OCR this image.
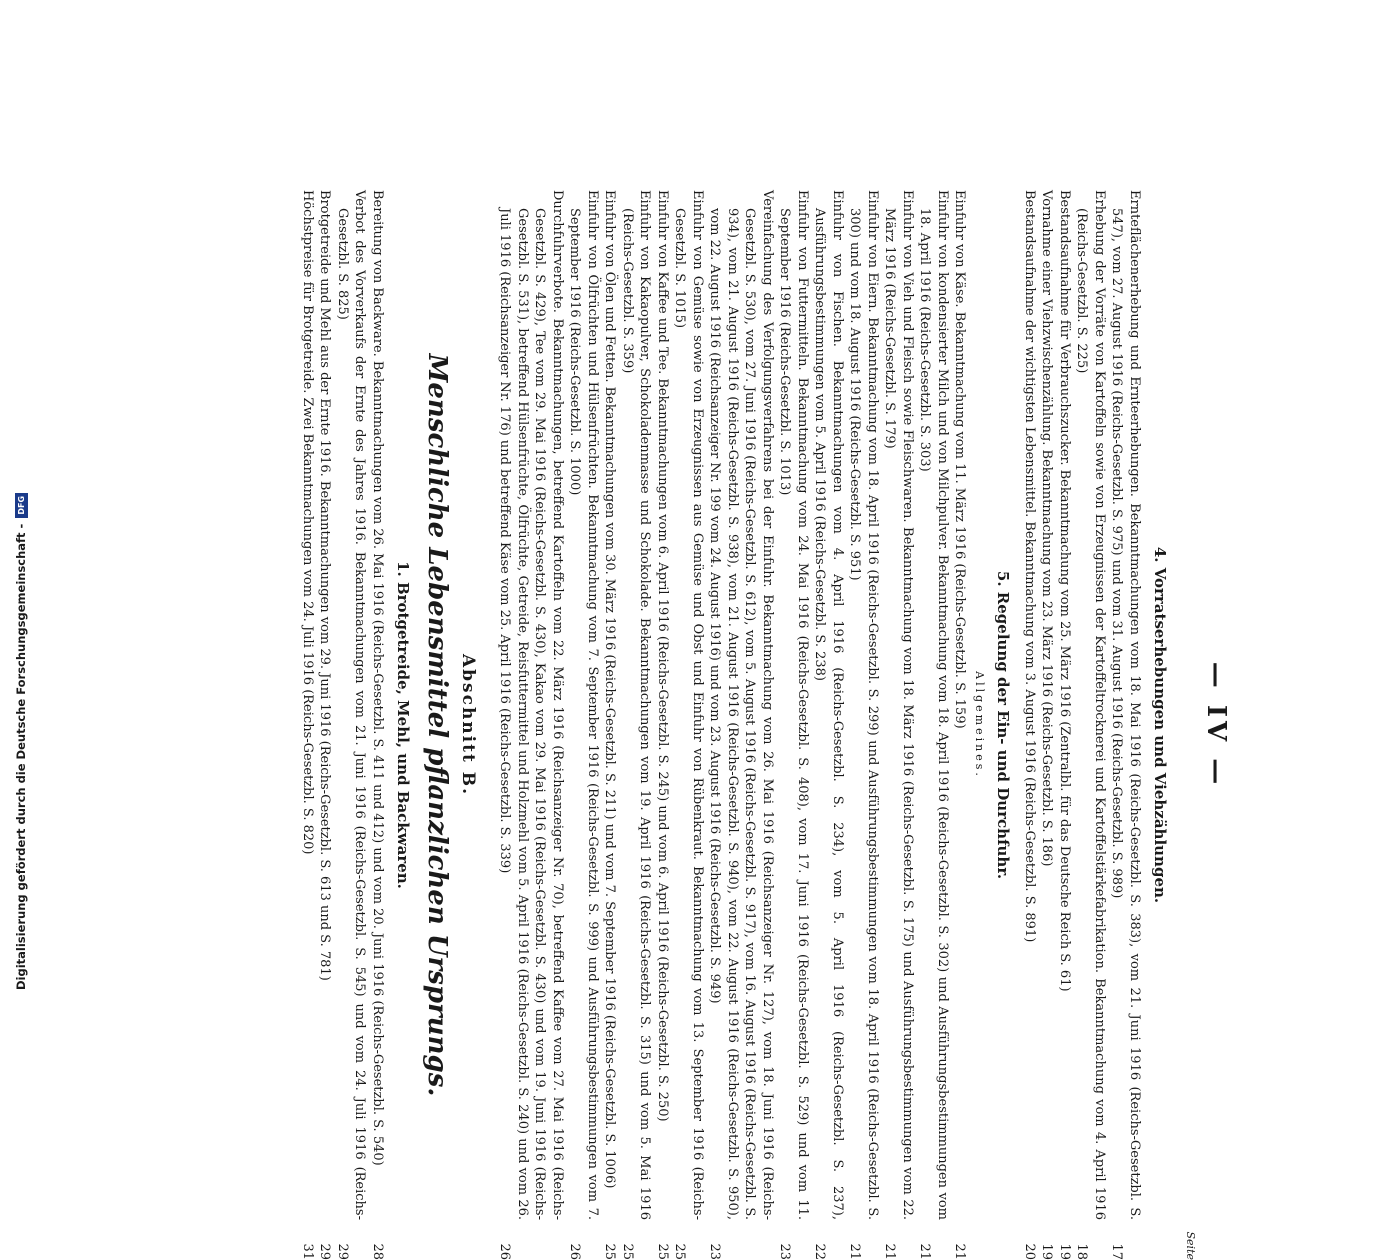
— IV —
Seite
4. Vorratserhebungen und Viehzählungen.
Ernteflächenerhebung und Ernteerhebungen. Bekanntmachungen vom 18. Mai 1916 (Reichs-Gesetzbl. S. 383), vom 21. Juni 1916 (Reichs-Gesetzbl. S. 547), vom 27. August 1916 (Reichs-Gesetzbl. S. 975) und vom 31. August 1916 (Reichs-Gesetzbl. S. 989)
17
Erhebung der Vorräte von Kartoffeln sowie von Erzeugnissen der Kartoffeltrocknerei und Kartoffelstärkefabrikation. Bekanntmachung vom 4. April 1916 (Reichs-Gesetzbl. S. 225)
18
Bestandsaufnahme für Verbrauchszucker. Bekanntmachung vom 25. März 1916 (Zentralbl. für das Deutsche Reich S. 61)
19
Vornahme einer Viehzwischenzählung. Bekanntmachung vom 23. März 1916 (Reichs-Gesetzbl. S. 186)
19
Bestandsaufnahme der wichtigsten Lebensmittel. Bekanntmachung vom 3. August 1916 (Reichs-Gesetzbl. S. 891)
20
5. Regelung der Ein- und Durchfuhr.
Allgemeines.
Einfuhr von Käse. Bekanntmachung vom 11. März 1916 (Reichs-Gesetzbl. S. 159)
21
Einfuhr von kondensierter Milch und von Milchpulver. Bekanntmachung vom 18. April 1916 (Reichs-Gesetzbl. S. 302) und Ausführungsbestimmungen vom 18. April 1916 (Reichs-Gesetzbl. S. 303)
21
Einfuhr von Vieh und Fleisch sowie Fleischwaren. Bekanntmachung vom 18. März 1916 (Reichs-Gesetzbl. S. 175) und Ausführungsbestimmungen vom 22. März 1916 (Reichs-Gesetzbl. S. 179)
21
Einfuhr von Eiern. Bekanntmachung vom 18. April 1916 (Reichs-Gesetzbl. S. 299) und Ausführungsbestimmungen vom 18. April 1916 (Reichs-Gesetzbl. S. 300) und vom 18. August 1916 (Reichs-Gesetzbl. S. 951)
21
Einfuhr von Fischen. Bekanntmachungen vom 4. April 1916 (Reichs-Gesetzbl. S. 234), vom 5. April 1916 (Reichs-Gesetzbl. S. 237), Ausführungsbestimmungen vom 5. April 1916 (Reichs-Gesetzbl. S. 238)
22
Einfuhr von Futtermitteln. Bekanntmachung vom 24. Mai 1916 (Reichs-Gesetzbl. S. 408), vom 17. Juni 1916 (Reichs-Gesetzbl. S. 529) und vom 11. September 1916 (Reichs-Gesetzbl. S. 1013)
23
Vereinfachung des Verfolgungsverfahrens bei der Einfuhr. Bekanntmachung vom 26. Mai 1916 (Reichsanzeiger Nr. 127), vom 18. Juni 1916 (Reichs-Gesetzbl. S. 530), vom 27. Juni 1916 (Reichs-Gesetzbl. S. 612), vom 5. August 1916 (Reichs-Gesetzbl. S. 917), vom 16. August 1916 (Reichs-Gesetzbl. S. 934), vom 21. August 1916 (Reichs-Gesetzbl. S. 938), vom 21. August 1916 (Reichs-Gesetzbl. S. 940), vom 22. August 1916 (Reichs-Gesetzbl. S. 950), vom 22. August 1916 (Reichsanzeiger Nr. 199 vom 24. August 1916) und vom 23. August 1916 (Reichs-Gesetzbl. S. 949)
23
Einfuhr von Gemüse sowie von Erzeugnissen aus Gemüse und Obst und Einfuhr von Rübenkraut. Bekanntmachung vom 13. September 1916 (Reichs-Gesetzbl. S. 1015)
25
Einfuhr von Kaffee und Tee. Bekanntmachungen vom 6. April 1916 (Reichs-Gesetzbl. S. 245) und vom 6. April 1916 (Reichs-Gesetzbl. S. 250)
25
Einfuhr von Kakaopulver, Schokoladenmasse und Schokolade. Bekanntmachungen vom 19. April 1916 (Reichs-Gesetzbl. S. 315) und vom 5. Mai 1916 (Reichs-Gesetzbl. S. 359)
25
Einfuhr von Ölen und Fetten. Bekanntmachungen vom 30. März 1916 (Reichs-Gesetzbl. S. 211) und vom 7. September 1916 (Reichs-Gesetzbl. S. 1006)
25
Einfuhr von Ölfrüchten und Hülsenfrüchten. Bekanntmachung vom 7. September 1916 (Reichs-Gesetzbl. S. 999) und Ausführungsbestimmungen vom 7. September 1916 (Reichs-Gesetzbl. S. 1000)
26
Durchfuhrverbote. Bekanntmachungen, betreffend Kartoffeln vom 22. März 1916 (Reichsanzeiger Nr. 70), betreffend Kaffee vom 27. Mai 1916 (Reichs-Gesetzbl. S. 429), Tee vom 29. Mai 1916 (Reichs-Gesetzbl. S. 430), Kakao vom 29. Mai 1916 (Reichs-Gesetzbl. S. 430) und vom 19. Juni 1916 (Reichs-Gesetzbl. S. 531), betreffend Hülsenfrüchte, Ölfrüchte, Getreide, Reisfuttermittel und Holzmehl vom 5. April 1916 (Reichs-Gesetzbl. S. 240) und vom 26. Juli 1916 (Reichsanzeiger Nr. 176) und betreffend Käse vom 25. April 1916 (Reichs-Gesetzbl. S. 339)
26
Abschnitt B.
Menschliche Lebensmittel pflanzlichen Ursprungs.
1. Brotgetreide, Mehl, und Backwaren.
Bereitung von Backware. Bekanntmachungen vom 26. Mai 1916 (Reichs-Gesetzbl. S. 411 und 412) und vom 20. Juni 1916 (Reichs-Gesetzbl. S. 540)
28
Verbot des Vorverkaufs der Ernte des Jahres 1916. Bekanntmachungen vom 21. Juni 1916 (Reichs-Gesetzbl. S. 545) und vom 24. Juli 1916 (Reichs-Gesetzbl. S. 825)
29
Brotgetreide und Mehl aus der Ernte 1916. Bekanntmachungen vom 29. Juni 1916 (Reichs-Gesetzbl. S. 613 und S. 781)
29
Höchstpreise für Brotgetreide. Zwei Bekanntmachungen vom 24. Juli 1916 (Reichs-Gesetzbl. S. 820)
31
Digitalisierung gefördert durch die Deutsche Forschungsgemeinschaft -
DFG
